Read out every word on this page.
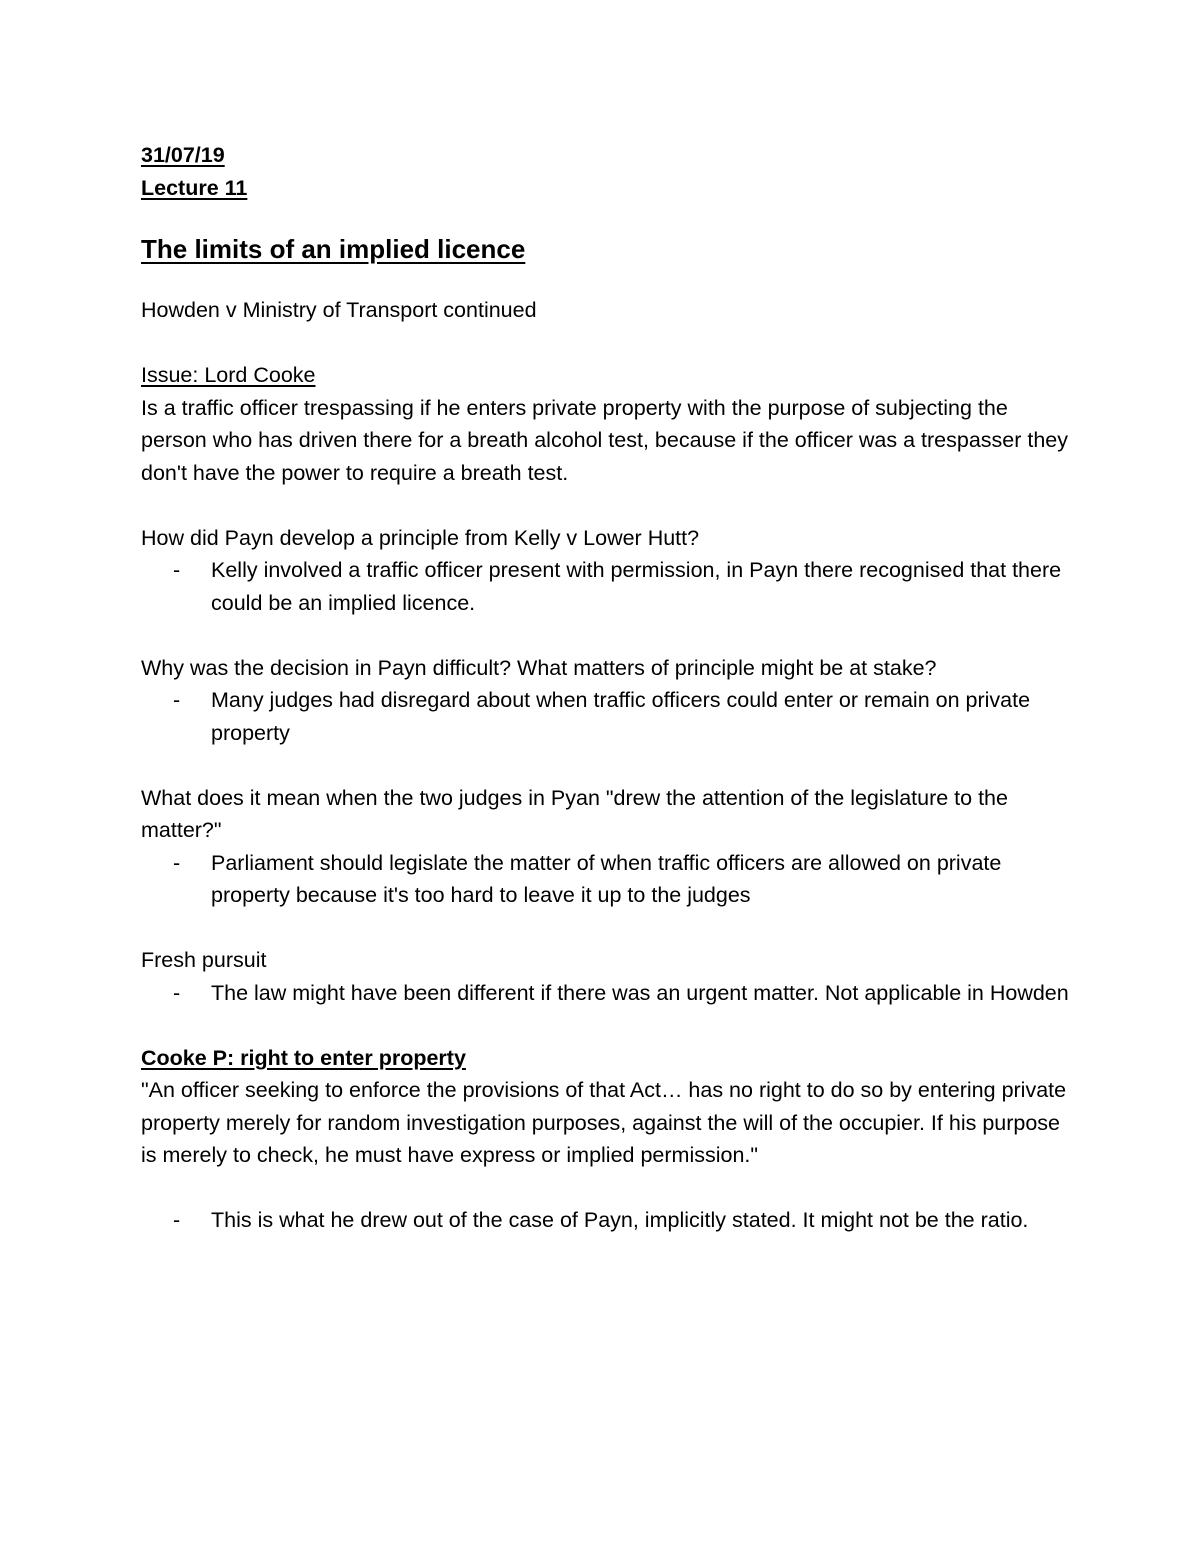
31/07/19

Lecture 11

The limits of an implied licence

Howden v Ministry of Transport continued

Issue: Lord Cooke

Is a traffic officer trespassing if he enters private property with the purpose of subjecting the person who has driven there for a breath alcohol test, because if the officer was a trespasser they don't have the power to require a breath test.

How did Payn develop a principle from Kelly v Lower Hutt?

- Kelly involved a traffic officer present with permission, in Payn there recognised that there could be an implied licence.

Why was the decision in Payn difficult? What matters of principle might be at stake?

- Many judges had disregard about when traffic officers could enter or remain on private property

What does it mean when the two judges in Pyan "drew the attention of the legislature to the matter?"

- Parliament should legislate the matter of when traffic officers are allowed on private property because it's too hard to leave it up to the judges

Fresh pursuit

- The law might have been different if there was an urgent matter. Not applicable in Howden

Cooke P: right to enter property

"An officer seeking to enforce the provisions of that Act… has no right to do so by entering private property merely for random investigation purposes, against the will of the occupier. If his purpose is merely to check, he must have express or implied permission."

- This is what he drew out of the case of Payn, implicitly stated. It might not be the ratio.
